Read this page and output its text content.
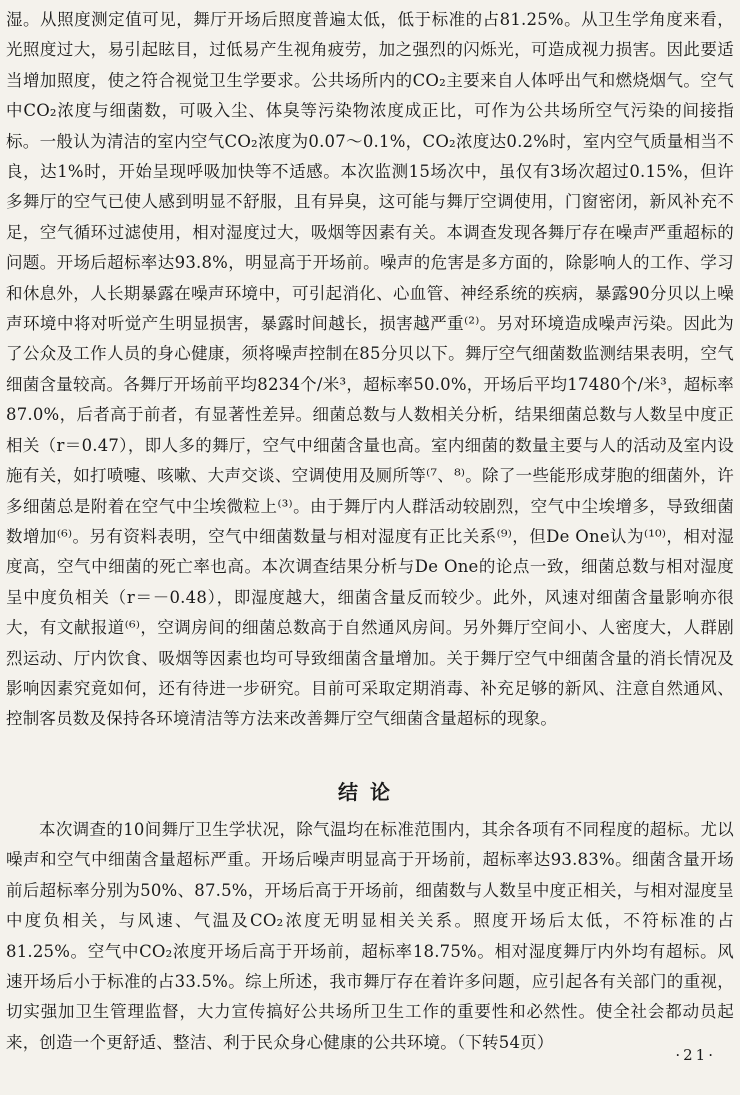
湿。从照度测定值可见，舞厅开场后照度普遍太低，低于标准的占81.25%。从卫生学角度来看，光照度过大，易引起眩目，过低易产生视角疲劳，加之强烈的闪烁光，可造成视力损害。因此要适当增加照度，使之符合视觉卫生学要求。公共场所内的CO₂主要来自人体呼出气和燃烧烟气。空气中CO₂浓度与细菌数，可吸入尘、体臭等污染物浓度成正比，可作为公共场所空气污染的间接指标。一般认为清洁的室内空气CO₂浓度为0.07～0.1%，CO₂浓度达0.2%时，室内空气质量相当不良，达1%时，开始呈现呼吸加快等不适感。本次监测15场次中，虽仅有3场次超过0.15%，但许多舞厅的空气已使人感到明显不舒服，且有异臭，这可能与舞厅空调使用，门窗密闭，新风补充不足，空气循环过滤使用，相对湿度过大，吸烟等因素有关。本调查发现各舞厅存在噪声严重超标的问题。开场后超标率达93.8%，明显高于开场前。噪声的危害是多方面的，除影响人的工作、学习和休息外，人长期暴露在噪声环境中，可引起消化、心血管、神经系统的疾病，暴露90分贝以上噪声环境中将对听觉产生明显损害，暴露时间越长，损害越严重⁽²⁾。另对环境造成噪声污染。因此为了公众及工作人员的身心健康，须将噪声控制在85分贝以下。舞厅空气细菌数监测结果表明，空气细菌含量较高。各舞厅开场前平均8234个/米³，超标率50.0%，开场后平均17480个/米³，超标率87.0%，后者高于前者，有显著性差异。细菌总数与人数相关分析，结果细菌总数与人数呈中度正相关（r＝0.47），即人多的舞厅，空气中细菌含量也高。室内细菌的数量主要与人的活动及室内设施有关，如打喷嚏、咳嗽、大声交谈、空调使用及厕所等⁽⁷、⁸⁾。除了一些能形成芽胞的细菌外，许多细菌总是附着在空气中尘埃微粒上⁽³⁾。由于舞厅内人群活动较剧烈，空气中尘埃增多，导致细菌数增加⁽⁶⁾。另有资料表明，空气中细菌数量与相对湿度有正比关系⁽⁹⁾，但De One认为⁽¹⁰⁾，相对湿度高，空气中细菌的死亡率也高。本次调查结果分析与De One的论点一致，细菌总数与相对湿度呈中度负相关（r＝－0.48），即湿度越大，细菌含量反而较少。此外，风速对细菌含量影响亦很大，有文献报道⁽⁶⁾，空调房间的细菌总数高于自然通风房间。另外舞厅空间小、人密度大，人群剧烈运动、厅内饮食、吸烟等因素也均可导致细菌含量增加。关于舞厅空气中细菌含量的消长情况及影响因素究竟如何，还有待进一步研究。目前可采取定期消毒、补充足够的新风、注意自然通风、控制客员数及保持各环境清洁等方法来改善舞厅空气细菌含量超标的现象。

结论

本次调查的10间舞厅卫生学状况，除气温均在标准范围内，其余各项有不同程度的超标。尤以噪声和空气中细菌含量超标严重。开场后噪声明显高于开场前，超标率达93.83%。细菌含量开场前后超标率分别为50%、87.5%，开场后高于开场前，细菌数与人数呈中度正相关，与相对湿度呈中度负相关，与风速、气温及CO₂浓度无明显相关关系。照度开场后太低，不符标准的占81.25%。空气中CO₂浓度开场后高于开场前，超标率18.75%。相对湿度舞厅内外均有超标。风速开场后小于标准的占33.5%。综上所述，我市舞厅存在着许多问题，应引起各有关部门的重视，切实强加卫生管理监督，大力宣传搞好公共场所卫生工作的重要性和必然性。使全社会都动员起来，创造一个更舒适、整洁、利于民众身心健康的公共环境。（下转54页）

·21·
